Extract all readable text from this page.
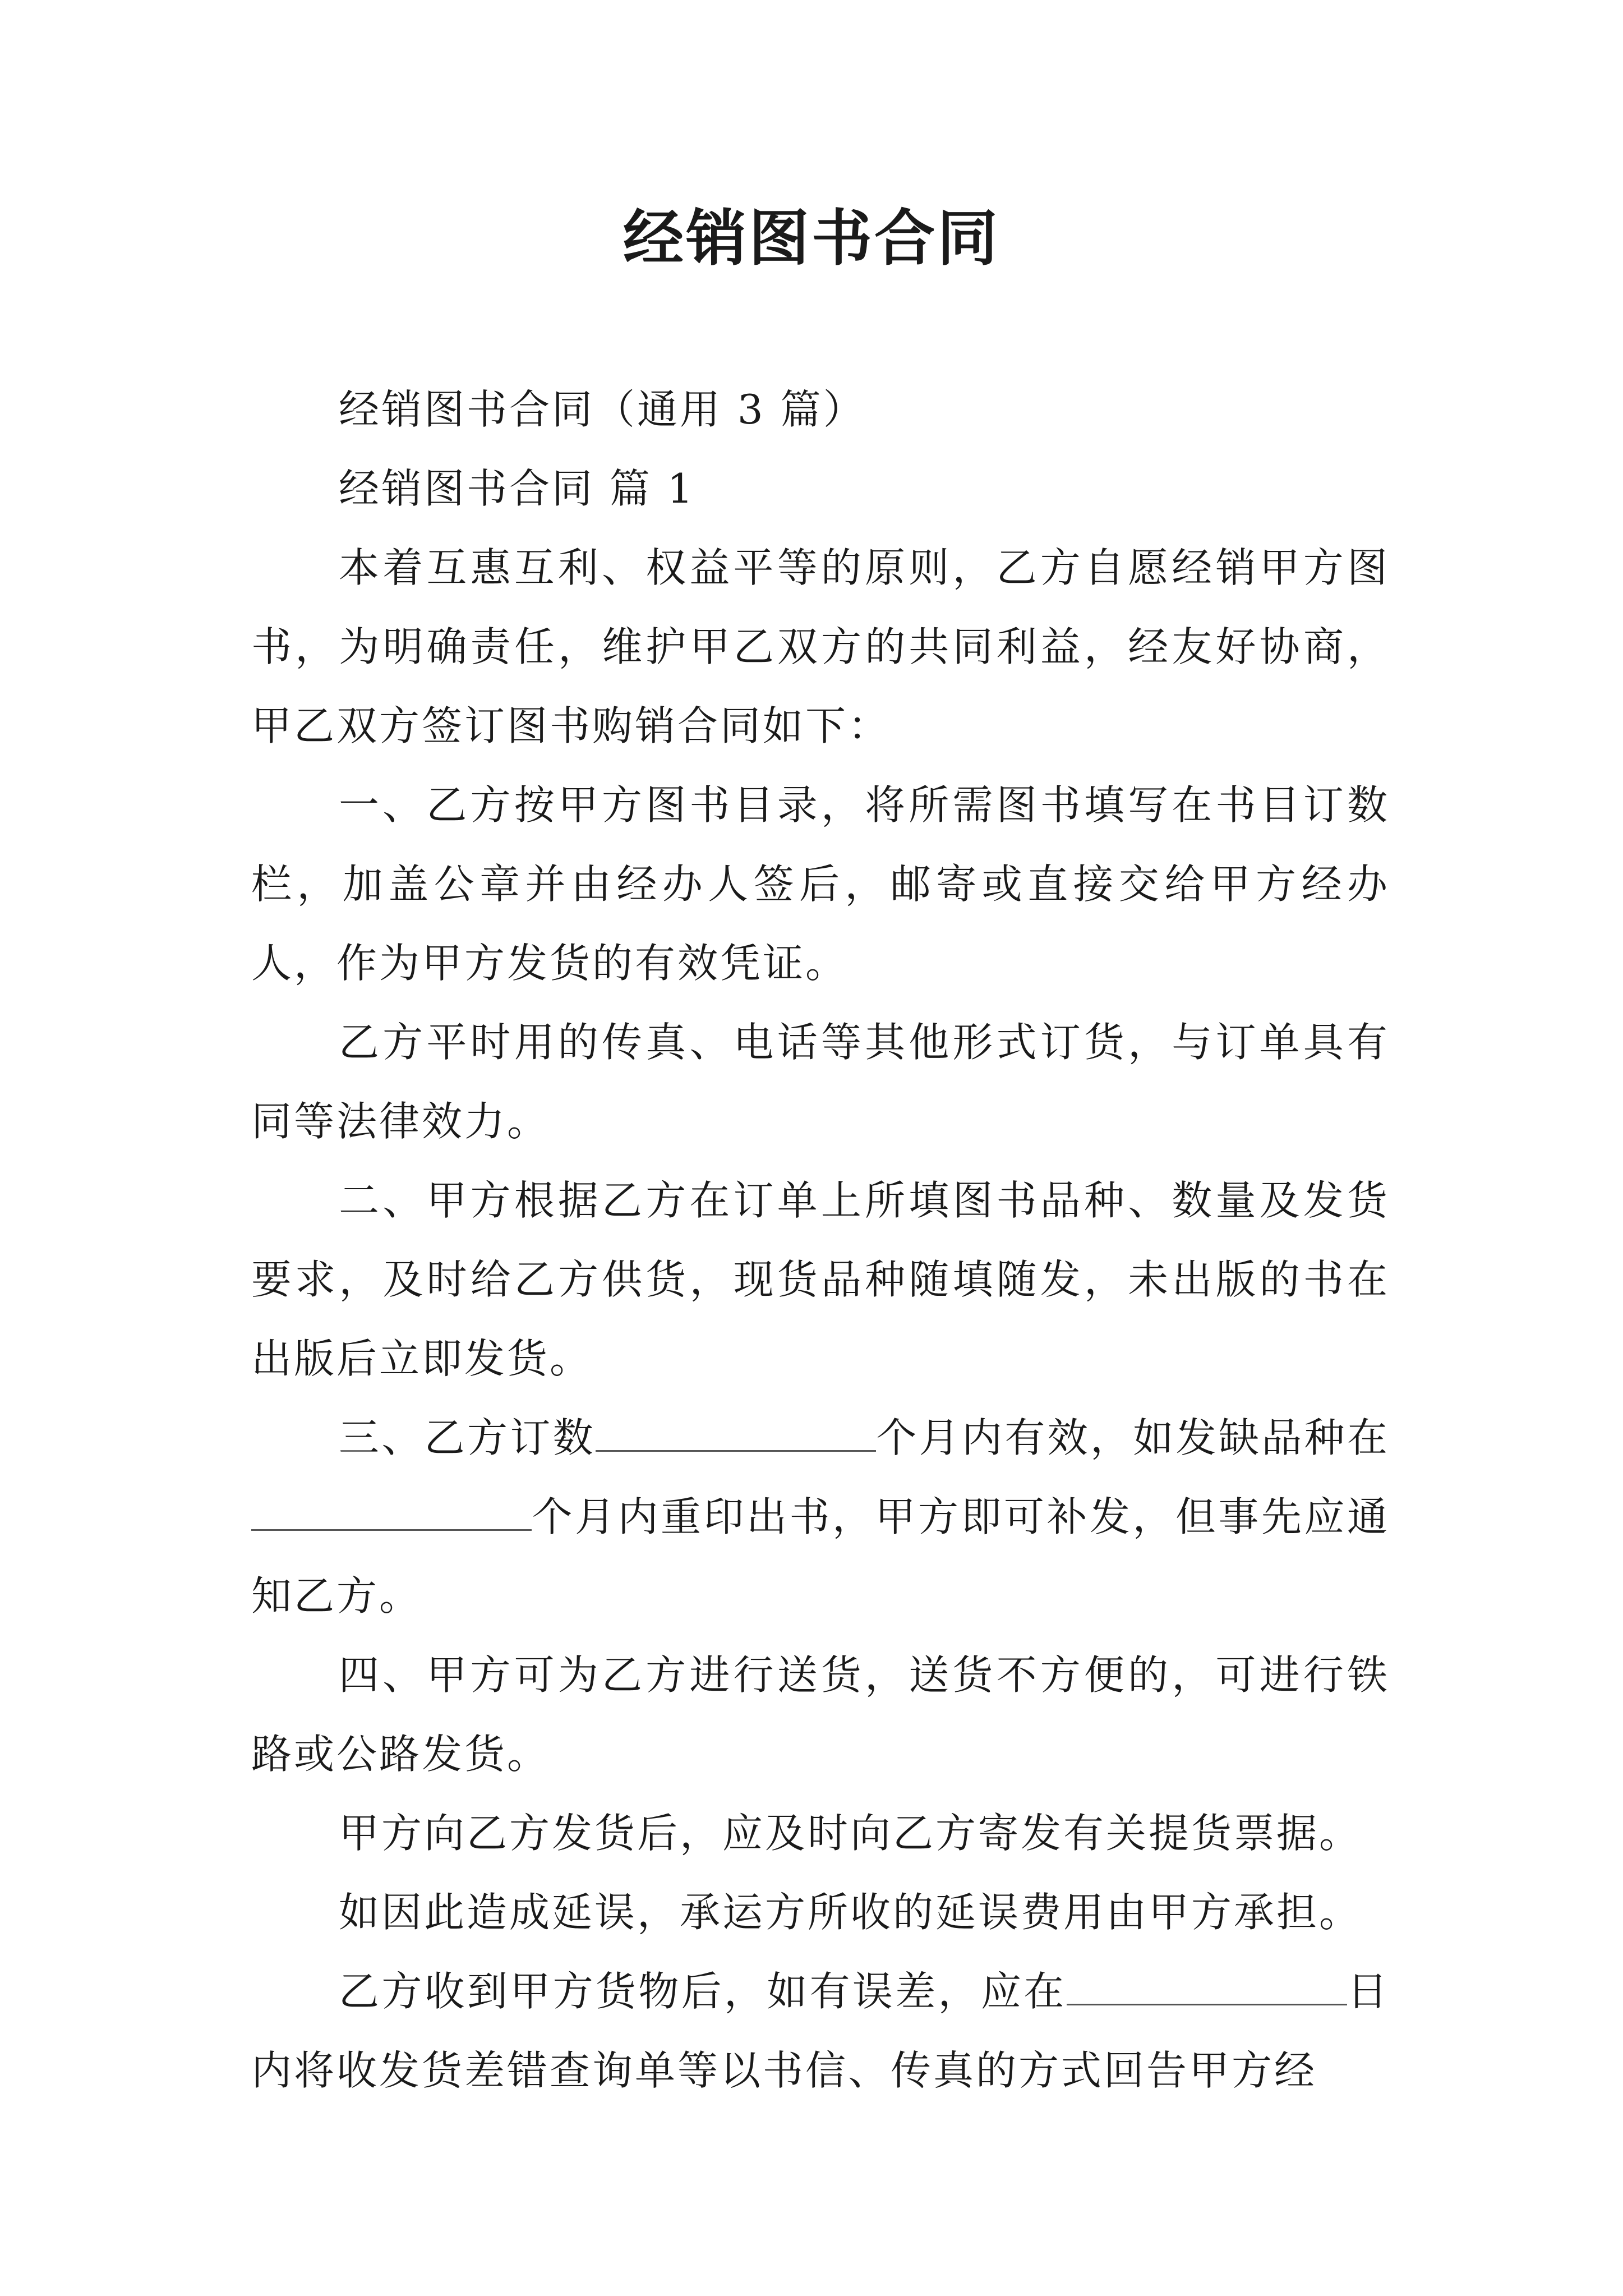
经销图书合同

经销图书合同（通用 3 篇）

经销图书合同 篇 1

本着互惠互利、权益平等的原则，乙方自愿经销甲方图书，为明确责任，维护甲乙双方的共同利益，经友好协商，甲乙双方签订图书购销合同如下：

一、乙方按甲方图书目录，将所需图书填写在书目订数栏，加盖公章并由经办人签后，邮寄或直接交给甲方经办人，作为甲方发货的有效凭证。

乙方平时用的传真、电话等其他形式订货，与订单具有同等法律效力。

二、甲方根据乙方在订单上所填图书品种、数量及发货要求，及时给乙方供货，现货品种随填随发，未出版的书在出版后立即发货。

三、乙方订数	个月内有效，如发缺品种在个月内重印出书，甲方即可补发，但事先应通知乙方。

四、甲方可为乙方进行送货，送货不方便的，可进行铁路或公路发货。

甲方向乙方发货后，应及时向乙方寄发有关提货票据。

如因此造成延误，承运方所收的延误费用由甲方承担。

乙方收到甲方货物后，如有误差，应在	日内将收发货差错查询单等以书信、传真的方式回告甲方经
